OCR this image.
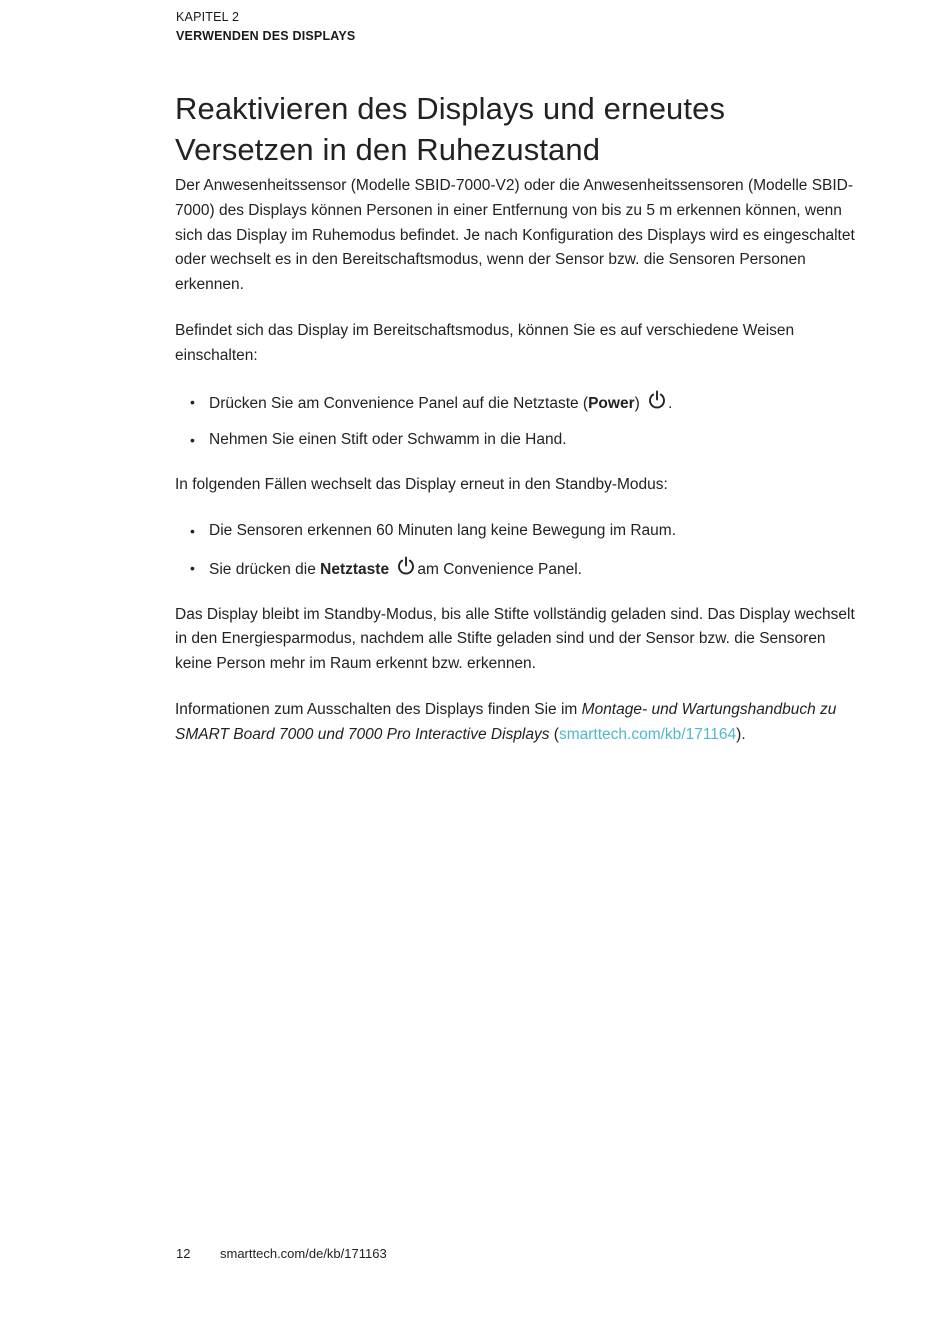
KAPITEL 2
VERWENDEN DES DISPLAYS
Reaktivieren des Displays und erneutes Versetzen in den Ruhezustand

Der Anwesenheitssensor (Modelle SBID-7000-V2) oder die Anwesenheitssensoren (Modelle SBID-7000) des Displays können Personen in einer Entfernung von bis zu 5 m erkennen können, wenn sich das Display im Ruhemodus befindet. Je nach Konfiguration des Displays wird es eingeschaltet oder wechselt es in den Bereitschaftsmodus, wenn der Sensor bzw. die Sensoren Personen erkennen.

Befindet sich das Display im Bereitschaftsmodus, können Sie es auf verschiedene Weisen einschalten:

• Drücken Sie am Convenience Panel auf die Netztaste (Power) .
• Nehmen Sie einen Stift oder Schwamm in die Hand.

In folgenden Fällen wechselt das Display erneut in den Standby-Modus:

• Die Sensoren erkennen 60 Minuten lang keine Bewegung im Raum.
• Sie drücken die Netztaste am Convenience Panel.

Das Display bleibt im Standby-Modus, bis alle Stifte vollständig geladen sind. Das Display wechselt in den Energiesparmodus, nachdem alle Stifte geladen sind und der Sensor bzw. die Sensoren keine Person mehr im Raum erkennt bzw. erkennen.

Informationen zum Ausschalten des Displays finden Sie im Montage- und Wartungshandbuch zu SMART Board 7000 und 7000 Pro Interactive Displays (smarttech.com/kb/171164).

12 smarttech.com/de/kb/171163
